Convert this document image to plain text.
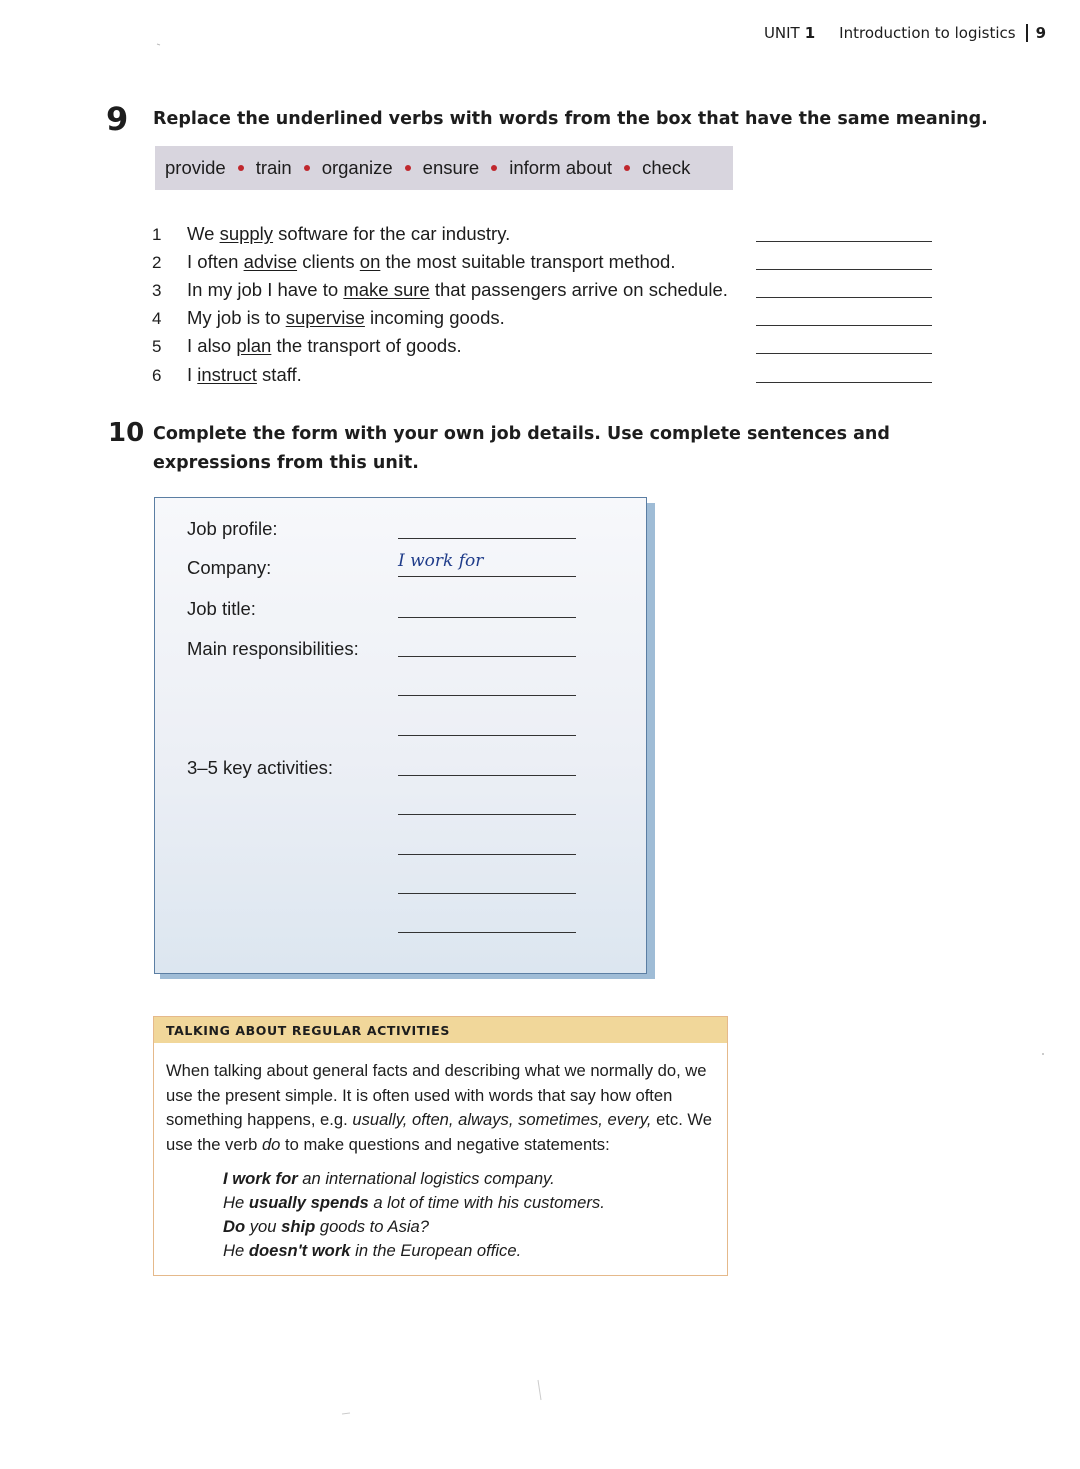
UNIT 1 Introduction to logistics 9
9 Replace the underlined verbs with words from the box that have the same meaning.
provide train organize ensure inform about check
1 We supply software for the car industry.
2 I often advise clients on the most suitable transport method.
3 In my job I have to make sure that passengers arrive on schedule.
4 My job is to supervise incoming goods.
5 I also plan the transport of goods.
6 I instruct staff.
10 Complete the form with your own job details. Use complete sentences and expressions from this unit.
Job profile:
Company:	I work for
Job title:
Main responsibilities:
3–5 key activities:
TALKING ABOUT REGULAR ACTIVITIES
When talking about general facts and describing what we normally do, we use the present simple. It is often used with words that say how often something happens, e.g. usually, often, always, sometimes, every, etc. We use the verb do to make questions and negative statements:
I work for an international logistics company.
He usually spends a lot of time with his customers.
Do you ship goods to Asia?
He doesn't work in the European office.
